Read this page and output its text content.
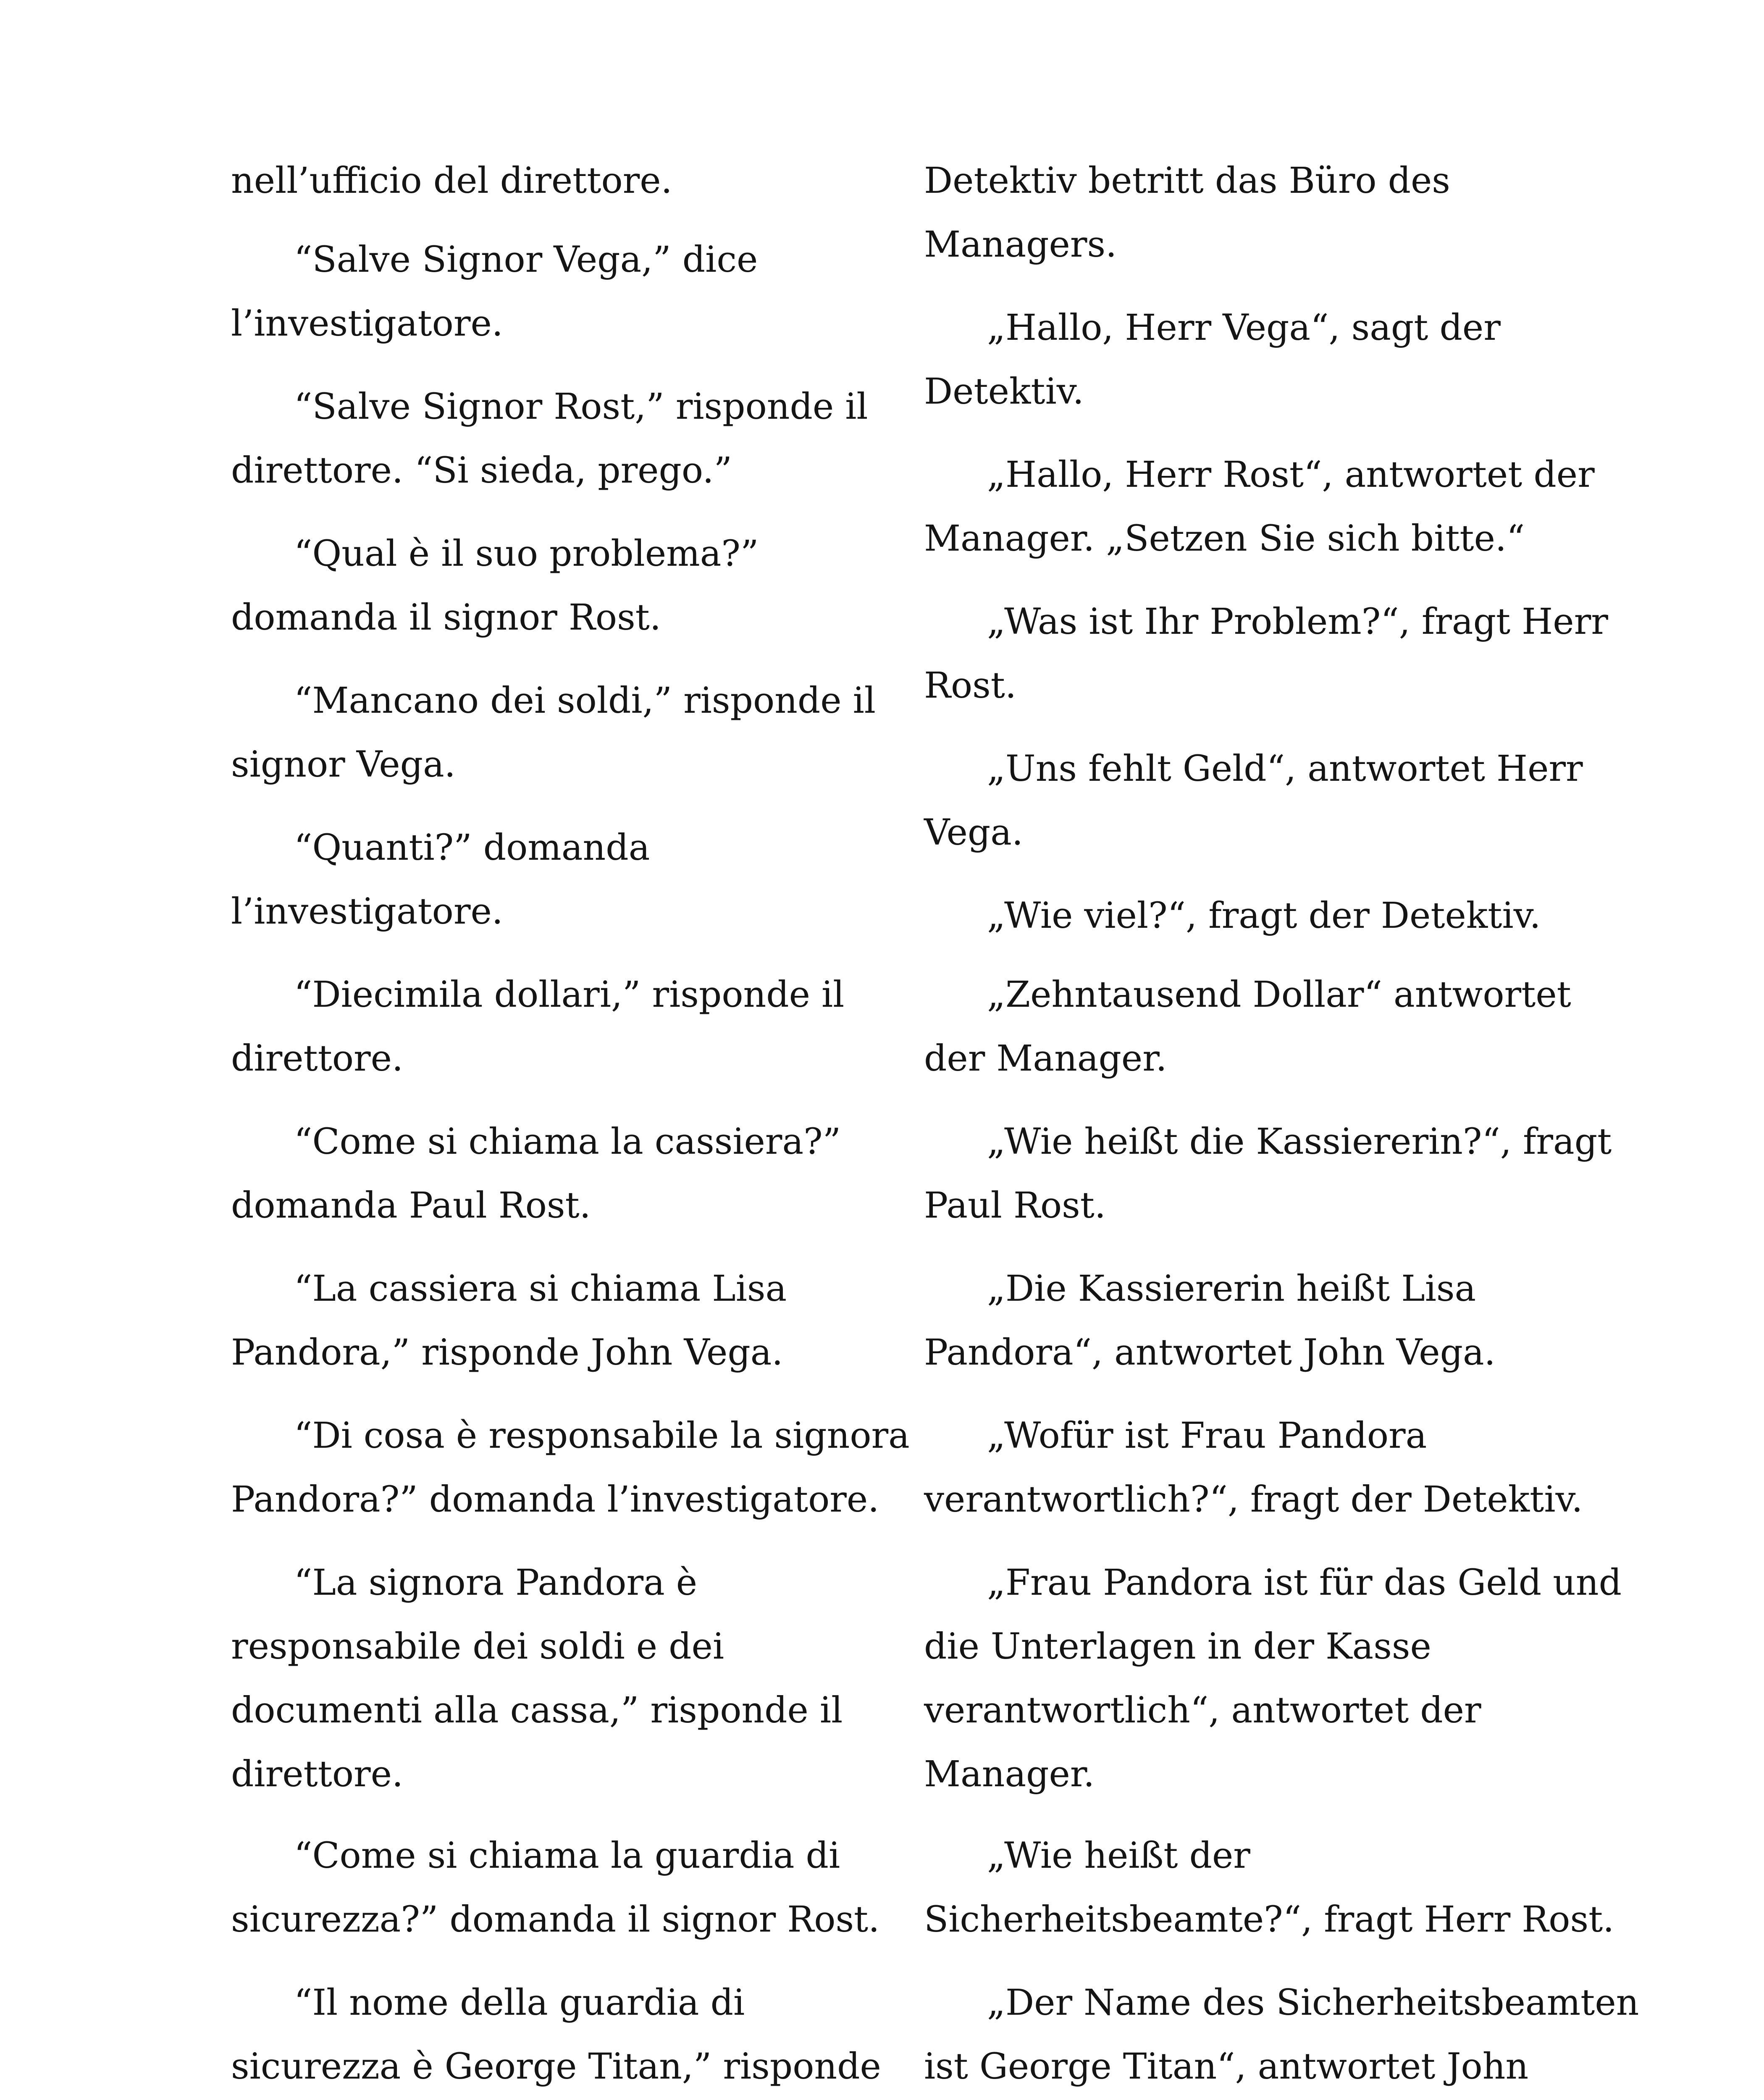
nell’ufficio del direttore.
“Salve Signor Vega,” dice
l’investigatore.
“Salve Signor Rost,” risponde il
direttore. “Si sieda, prego.”
“Qual è il suo problema?”
domanda il signor Rost.
“Mancano dei soldi,” risponde il
signor Vega.
“Quanti?” domanda
l’investigatore.
“Diecimila dollari,” risponde il
direttore.
“Come si chiama la cassiera?”
domanda Paul Rost.
“La cassiera si chiama Lisa
Pandora,” risponde John Vega.
“Di cosa è responsabile la signora
Pandora?” domanda l’investigatore.
“La signora Pandora è
responsabile dei soldi e dei
documenti alla cassa,” risponde il
direttore.
“Come si chiama la guardia di
sicurezza?” domanda il signor Rost.
“Il nome della guardia di
sicurezza è George Titan,” risponde
Detektiv betritt das Büro des
Managers.
„Hallo, Herr Vega“, sagt der
Detektiv.
„Hallo, Herr Rost“, antwortet der
Manager. „Setzen Sie sich bitte.“
„Was ist Ihr Problem?“, fragt Herr
Rost.
„Uns fehlt Geld“, antwortet Herr
Vega.
„Wie viel?“, fragt der Detektiv.
„Zehntausend Dollar“ antwortet
der Manager.
„Wie heißt die Kassiererin?“, fragt
Paul Rost.
„Die Kassiererin heißt Lisa
Pandora“, antwortet John Vega.
„Wofür ist Frau Pandora
verantwortlich?“, fragt der Detektiv.
„Frau Pandora ist für das Geld und
die Unterlagen in der Kasse
verantwortlich“, antwortet der
Manager.
„Wie heißt der
Sicherheitsbeamte?“, fragt Herr Rost.
„Der Name des Sicherheitsbeamten
ist George Titan“, antwortet John
